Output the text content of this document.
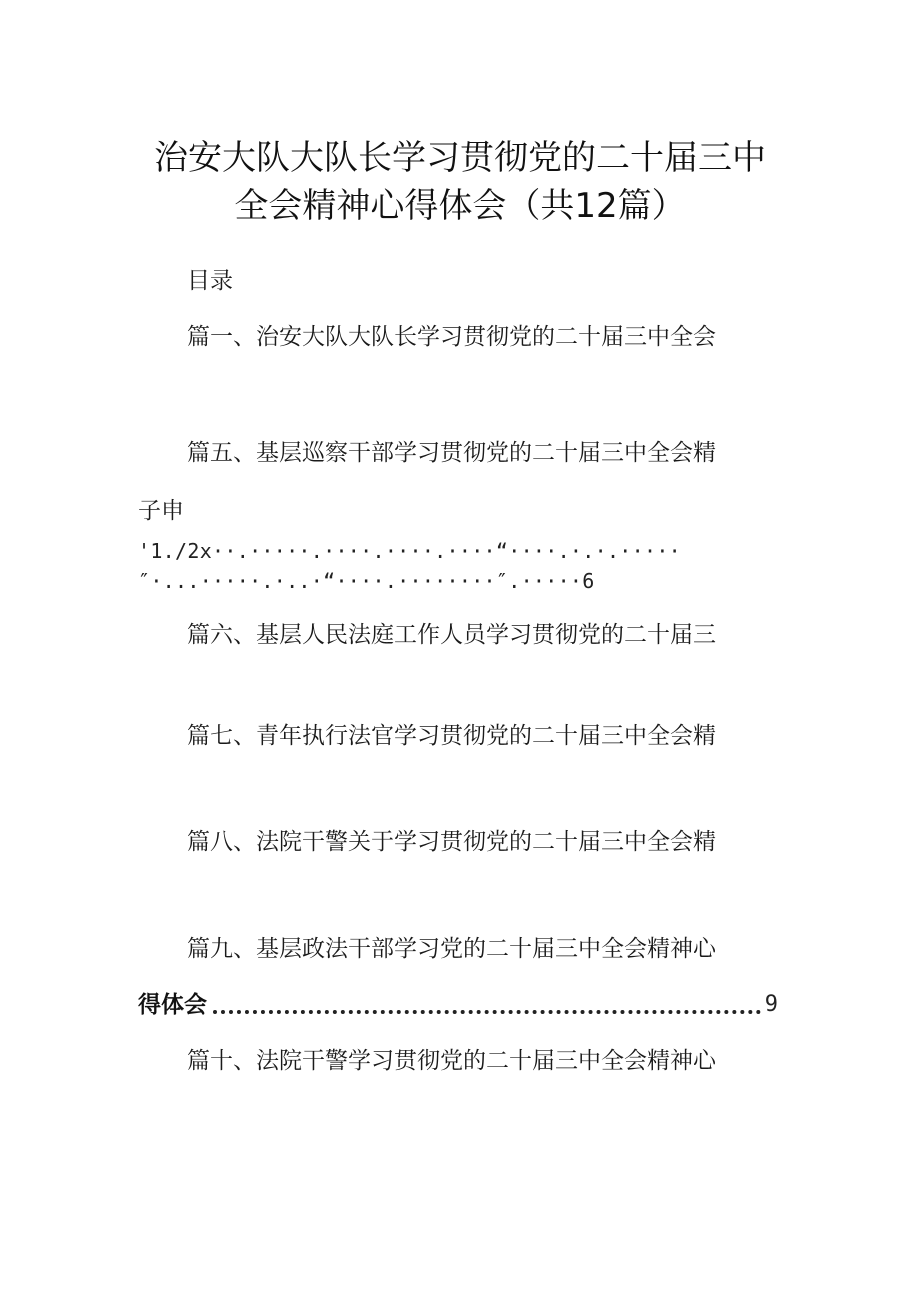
治安大队大队长学习贯彻党的二十届三中
全会精神心得体会（共12篇）
目录
篇一、治安大队大队长学习贯彻党的二十届三中全会
篇五、基层巡察干部学习贯彻党的二十届三中全会精
子申
'1./2x··.·····.····.····.····“····.·.·.·····
″·...·····.·..·“····.········″.·····6
篇六、基层人民法庭工作人员学习贯彻党的二十届三
篇七、青年执行法官学习贯彻党的二十届三中全会精
篇八、法院干警关于学习贯彻党的二十届三中全会精
篇九、基层政法干部学习党的二十届三中全会精神心
得体会	9
篇十、法院干警学习贯彻党的二十届三中全会精神心
